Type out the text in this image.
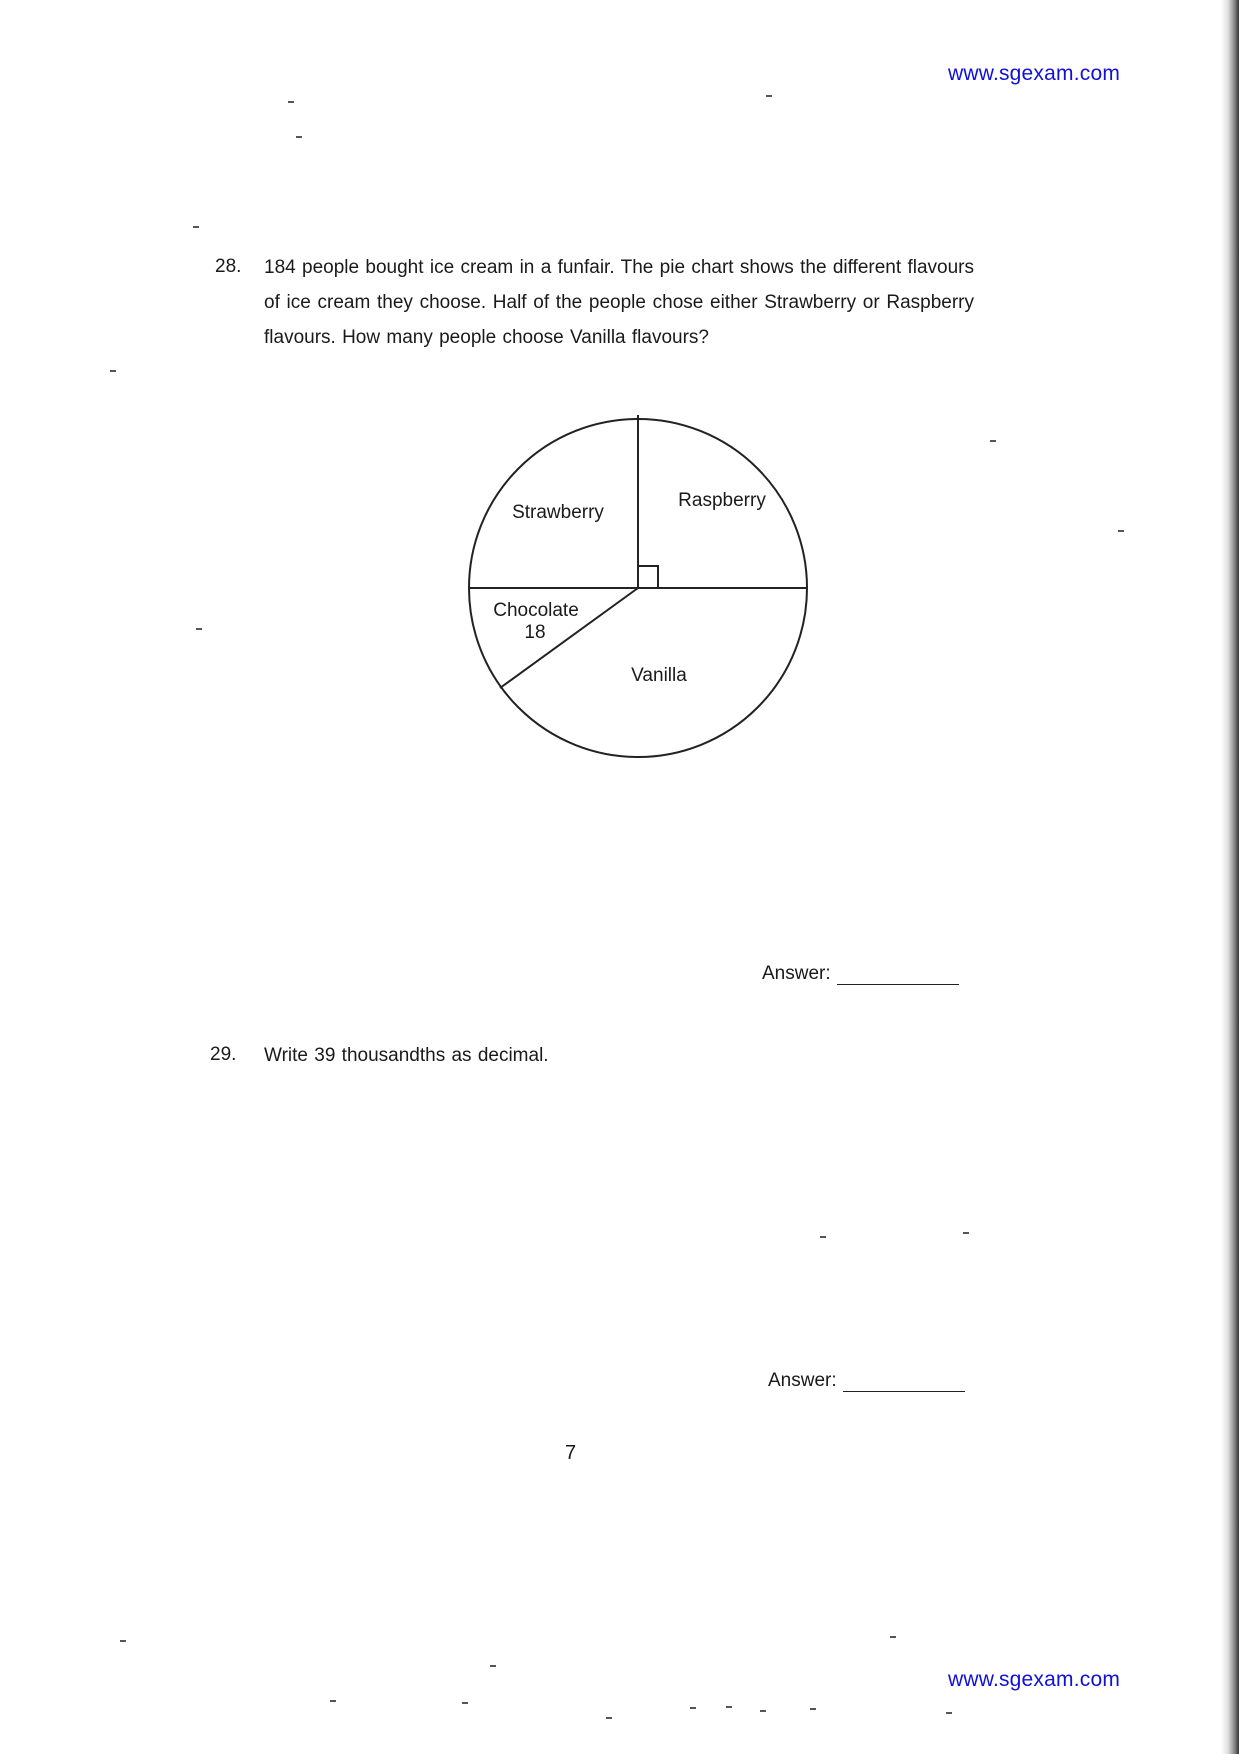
www.sgexam.com
28. 184 people bought ice cream in a funfair. The pie chart shows the different flavours of ice cream they choose. Half of the people chose either Strawberry or Raspberry flavours. How many people choose Vanilla flavours?
Strawberry
Raspberry
Chocolate
18
Vanilla
Answer:
29. Write 39 thousandths as decimal.
Answer:
7
www.sgexam.com
